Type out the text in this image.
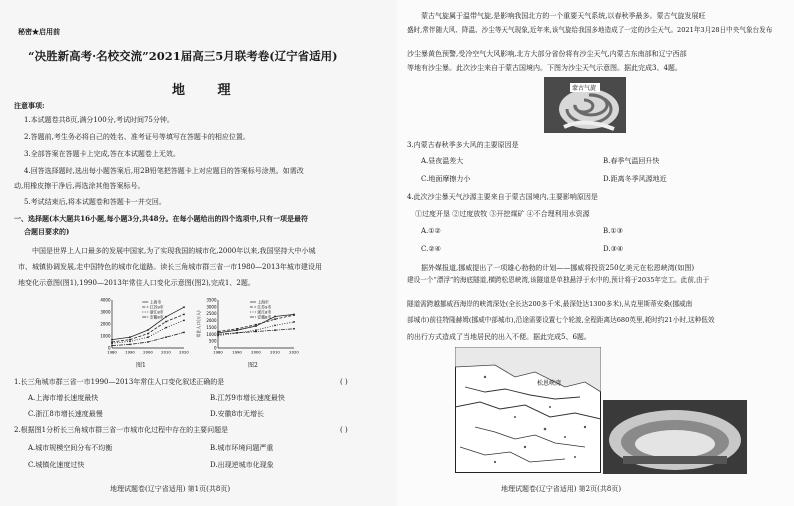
秘密★启用前
“决胜新高考·名校交流”2021届高三5月联考卷(辽宁省适用)
地 理
注意事项:
1.本试题卷共8页,满分100分,考试时间75分钟。
2.答题前,考生务必将自己的姓名、准考证号等填写在答题卡的相应位置。
3.全部答案在答题卡上完成,答在本试题卷上无效。
4.回答选择题时,选出每小题答案后,用2B铅笔把答题卡上对应题目的答案标号涂黑。如需改
动,用橡皮擦干净后,再选涂其他答案标号。
5.考试结束后,将本试题卷和答题卡一并交回。
一、选择题(本大题共16小题,每小题3分,共48分。在每小题给出的四个选项中,只有一项是最符
合题目要求的)
中国是世界上人口最多的发展中国家,为了实现我国的城市化,2000年以来,我国坚持大中小城
市、城镇协调发展,走中国特色的城市化道路。读长三角城市群三省一市1980—2013年城市建设用
地变化示意图(图1),1990—2013年常住人口变化示意图(图2),完成1、2题。
0
1000
2000
3000
4000
1980 1990 2000 2010 2020
上海市
江苏9市
浙江8市
安徽8市
0
500
1000
1500
2000
2500
3000
3500
1980 1990 2000 2010 2020
常住人口(万人)
上海市
江苏9市
浙江8市
安徽8市
图1	图2
1.长三角城市群三省一市1990—2013年常住人口变化叙述正确的是	( )
A.上海市增长速度最快	B.江苏9市增长速度最快
C.浙江8市增长速度最慢	D.安徽8市无增长
2.根据图1分析长三角城市群三省一市城市化过程中存在的主要问题是	( )
A.城市规模空间分布不均衡	B.城市环境问题严重
C.城镇化速度过快	D.出现逆城市化现象
地理试题卷(辽宁省适用) 第1页(共8页)
蒙古气旋属于温带气旋,是影响我国北方的一个重要天气系统,以春秋季最多。蒙古气旋发展旺
盛时,常伴随大风、降温、沙尘等天气现象,近年来,该气旋给我国多地造成了一定的沙尘天气。2021年3月28日中央气象台发布
沙尘暴黄色预警,受冷空气大风影响,北方大部分省份将有沙尘天气,内蒙古东南部和辽宁西部
等地有沙尘暴。此次沙尘来自于蒙古国境内。下图为沙尘天气示意图。据此完成3、4题。
蒙古气旋
3.内蒙古春秋季多大风的主要原因是
A.昼夜温差大	B.春季气温回升快
C.地面摩擦力小	D.距离冬季风源地近
4.此次沙尘暴天气沙源主要来自于蒙古国境内,主要影响原因是
①过度开垦 ②过度放牧 ③开挖煤矿 ④不合理利用水资源
A.①②	B.①③
C.②④	D.③④
据外媒报道,挪威提出了一项雄心勃勃的计划——挪威将投资250亿美元在松恩峡湾(如图)
建设一个“漂浮”的海底隧道,横跨松恩峡湾,该隧道是单独悬浮于水中的,预计将于2035年完工。此前,由于
隧道需跨越挪威西海岸的峡湾深处(全长达200多千米,最深处达1300多米),从克里斯蒂安桑(挪威南
部城市)前往特隆赫姆(挪威中部城市),沿途需要设置七个轮渡,全程距离达680英里,耗时约21小时,这种低效
的出行方式造成了当地居民的出入不便。据此完成5、6题。
松恩峡湾
地理试题卷(辽宁省适用) 第2页(共8页)
